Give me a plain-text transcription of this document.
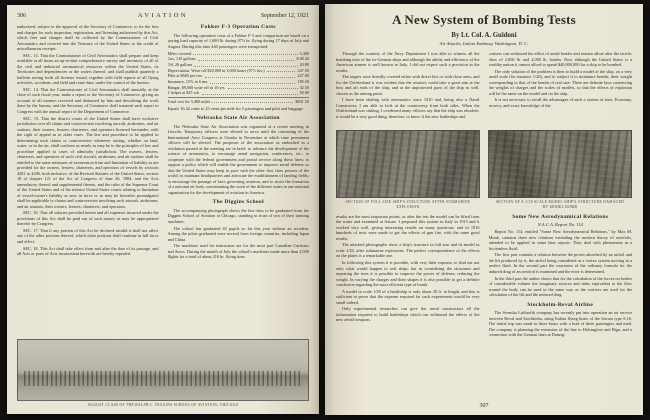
306	AVIATION	September 12, 1921

authorized, subject to the approval of the Secretary of Commerce, to fix the fees and charges for such inspection, registration, and licensing authorized by this Act, which fees and charges shall be collected by the Commissioner of Civil Aeronautics and covered into the Treasury of the United States to the credit of miscellaneous receipts.

SEC. 13. That the Commissioner of Civil Aeronautics shall prepare and keep available at all times an up-to-date comprehensive survey and inventory of all of the civil and industrial aeronautical resources within the United States, its Territories and dependencies or the waters thereof, and shall publish quarterly a bulletin setting forth all licenses issued, together with field reports of all flying activities, accidents, and field and route data, under the control of the bureau.

SEC. 14. That the Commissioner of Civil Aeronautics shall annually, at the close of each fiscal year, make a report to the Secretary of Commerce, giving an account of all moneys received and disbursed by him and describing the work done by the bureau, and the Secretary of Commerce shall transmit such report to Congress with the annual report of the Department of Commerce.

SEC. 15. That the district courts of the United States shall have exclusive jurisdiction over all claims and controversies involving aircraft, airdromes, and air stations, their owners, lessees, charterers, and operators licensed hereunder, with the right of appeal as in other cases. The law and procedure to be applied in determining such claims or controversies whenever arising, whether on land, water, or in the air, shall conform as nearly as may be to the principles of law and procedure applied in cases of admiralty jurisdiction. The owners, lessees, charterers, and operators of such civil aircraft, airdromes, and air stations shall be entitled to the same measures of exoneration from and limitation of liability as are provided for the owners, lessees, charterers, and operators of vessels by sections 4281 to 4286, both inclusive, of the Revised Statutes of the United States, section 18 of chapter 121 of the Act of Congress of June 26, 1884, and the Acts amendatory thereof and supplemental thereto, and the rules of the Supreme Court of the United States and of the inferior United States courts relating to limitation of vessel-owner's liability as now in force or as may be hereafter promulgated shall be applicable to claims and controversies involving such aircraft, airdromes, and air stations, their owners, lessees, charterers, and operators.

SEC. 16. That all salaries provided herein and all expenses incurred under the provisions of this Act shall be paid out of such money as may be appropriated therefor by Congress.

SEC. 17. That if any portion of this Act be declared invalid it shall not affect any of the other portions thereof, which other portions shall continue in full force and effect.

SEC. 18. This Act shall take effect from and after the date of its passage, and all Acts or parts of Acts inconsistent herewith are hereby repealed.

Fokker F-3 Operation Costs

The following operation costs of a Fokker F-3 and comparison are based on a paying load capacity of 1,680 lb. during 97½ hr. flying during 17 days of July and August. During this time 440 passengers were transported.

Miles covered	5,400
Gas, 310 gallons	$ 68.20
Oil, 26 gallons	20.80
Depreciation. Write off $20,000 in 3,000 hours (97½ hrs.)	247.50
Pilot at $600 per mo.	227.00
Insurance, 15% in 6 mo.	185.50
Hangar, $9,000 write off in 10 yrs.	32.50
1 helper at $25 wk.	50.00
Total cost for 5,400 miles	$831.50

Equals 16.42 cents to 25 cents per mile for 5 passengers and pilot and baggage.

Nebraska State Air Association

The Nebraska State Air Association was organized at a recent meeting in Lincoln. Temporary officers were elected to serve until the convening of the International Aero Congress at Omaha in November at which time permanent officers will be elected. The purposes of the association as embodied in a resolution passed at the meeting are in brief: to advance the development of the science of aeronautics, to encourage aerial navigation, conferences, etc.; to cooperate with the federal government and postal service along these lines; to support a policy which will enable the government to improve aerial defense so that the United States may keep in pace with the other first class powers of the world; to maintain headquarters and advocate the establishment of landing fields; to encourage the passage of laws governing aviation, and to assist the formation of a national air body concentrating the work of the different states in one national organization for the development of aviation in America.

The Diggins School

The accompanying photograph shows the last class to be graduated from the Diggins School of Aviation at Chicago, standing in front of two of their training machines.

The school has graduated 65 pupils so far this year without an accident. Among the pilots graduated were several from foreign countries, including Japan and China.

The machines used for instruction are for the most part Canadian Curtisses and Avros. During the month of July the school's machines made more than 2,000 flights for a total of about 216 hr. flying time.

AUGUST CLASS OF THE RALPH C. DIGGINS SCHOOL OF AVIATION, CHICAGO
A New System of Bombing Tests
By Lt. Col. A. Guidoni
Air Attache, Italian Embassy, Washington, D. C.

Through the courtesy of the Navy Department I was able to witness all the bombing tests of the ex-German ships and although the ability and efficiency of the American airmen is well known in Italy, I did not expect such a precision in the results.

The targets were literally covered either with direct hits or with close ones, and for the Ostfriesland it was evident that the aviators could take a good aim at the bow and aft ends of the ship, and at the unprotected parts of the ship as well, chosen as the aiming point.

I have been dealing with aeronautics since 1910 and, being also a Naval Constructor, I am able to look at the controversy from both sides. When the Ostfriesland was sinking, I overheard many officers say that the ship was obsolete; it would be a very good thing, therefore, to know if the new battleships and

cruisers can withstand the effect of aerial bombs and remain afloat after the terrific blow of 2,000 lb. and 4,000 lb. bombs. Now although the United States is a wealthy nation it cannot afford to spend $40,000,000 for a ship to be bombed.

The only solution of the problem is then to build a model of the ship, on a very small scale (for instance 1/20), and to subject it to miniature bombs, their weight corresponding to that of the bombs of real size. There are definite laws connecting the weights of charges and the scales of models, so that the effects of explosion will be the same on the model and on the ship.

It is not necessary to recall the advantages of such a system of tests. Economy, secrecy, and exact knowledge of the

SECTION OF FULL SIZE SHIP'S STRUCTURE AFTER SUBMARINE EXPLOSION
SECTION OF A 1/20 SCALE MODEL SHIP'S STRUCTURE DAMAGED BY MODEL BOMB

results are the most important points, as after the test the model can be lifted from the water and examined at leisure. I proposed this system in Italy in 1913 and it worked very well, giving interesting results on many questions; and in 1916 hundreds of tests were made to get the effects of gun fire, with the same good results.

The attached photographs show a ship's structure in full size and its model in scale 1/20, after submarine explosions. The perfect correspondence of the effects on the plates is a remarkable one.

In following this system it is possible, with very little expense, to find out not only what would happen to real ships, but in considering the structures and repeating the tests it is possible to improve the power of defense, reducing the weight. In varying the charges and their shapes it is also possible to get a definite conclusion regarding the most efficient type of bomb.

A model in scale 1/20 of a battleship is only about 30 ft. in length, and this is sufficient to prove that the expense required for such experiments would be very small indeed.

Only experimental researches can give the naval constructors all the information required to build battleships which can withstand the effects of the new aerial weapons.

Some New Aerodynamical Relations
N.A.C.A. Report No. 114

Report No. 114, entitled "Some New Aerodynamical Relations," by Max M. Munk, contains three new relations extending the modern theory of aerofoils, intended to be applied in some later reports. They deal with phenomena in a frictionless fluid.

The first part contains a relation between the power absorbed by an airfoil and the lift produced by it, the airfoil being considered as a vortex system moving in a perfect fluid. In the second part the exactness of the ordinary formula for the induced drag of an aerofoil is examined and the error is determined.

In the third part the author shows that for the calculation of the forces on bodies of considerable volume the imaginary sources and sinks equivalent to the flow around the body can be used in the same way as the vortices are used for the calculation of the lift and the induced drag.

Stockholm-Reval Airline

The Svenska Lufttrafik company has recently put into operation an air service between Reval and Stockholm, using Italian flying boats of the Savoia type S.16. The initial trip was made in three hours with a load of three passengers and mail. The company is planning the extension of the line to Helsingfors and Riga, and a connection with the German lines at Danzig.

307
